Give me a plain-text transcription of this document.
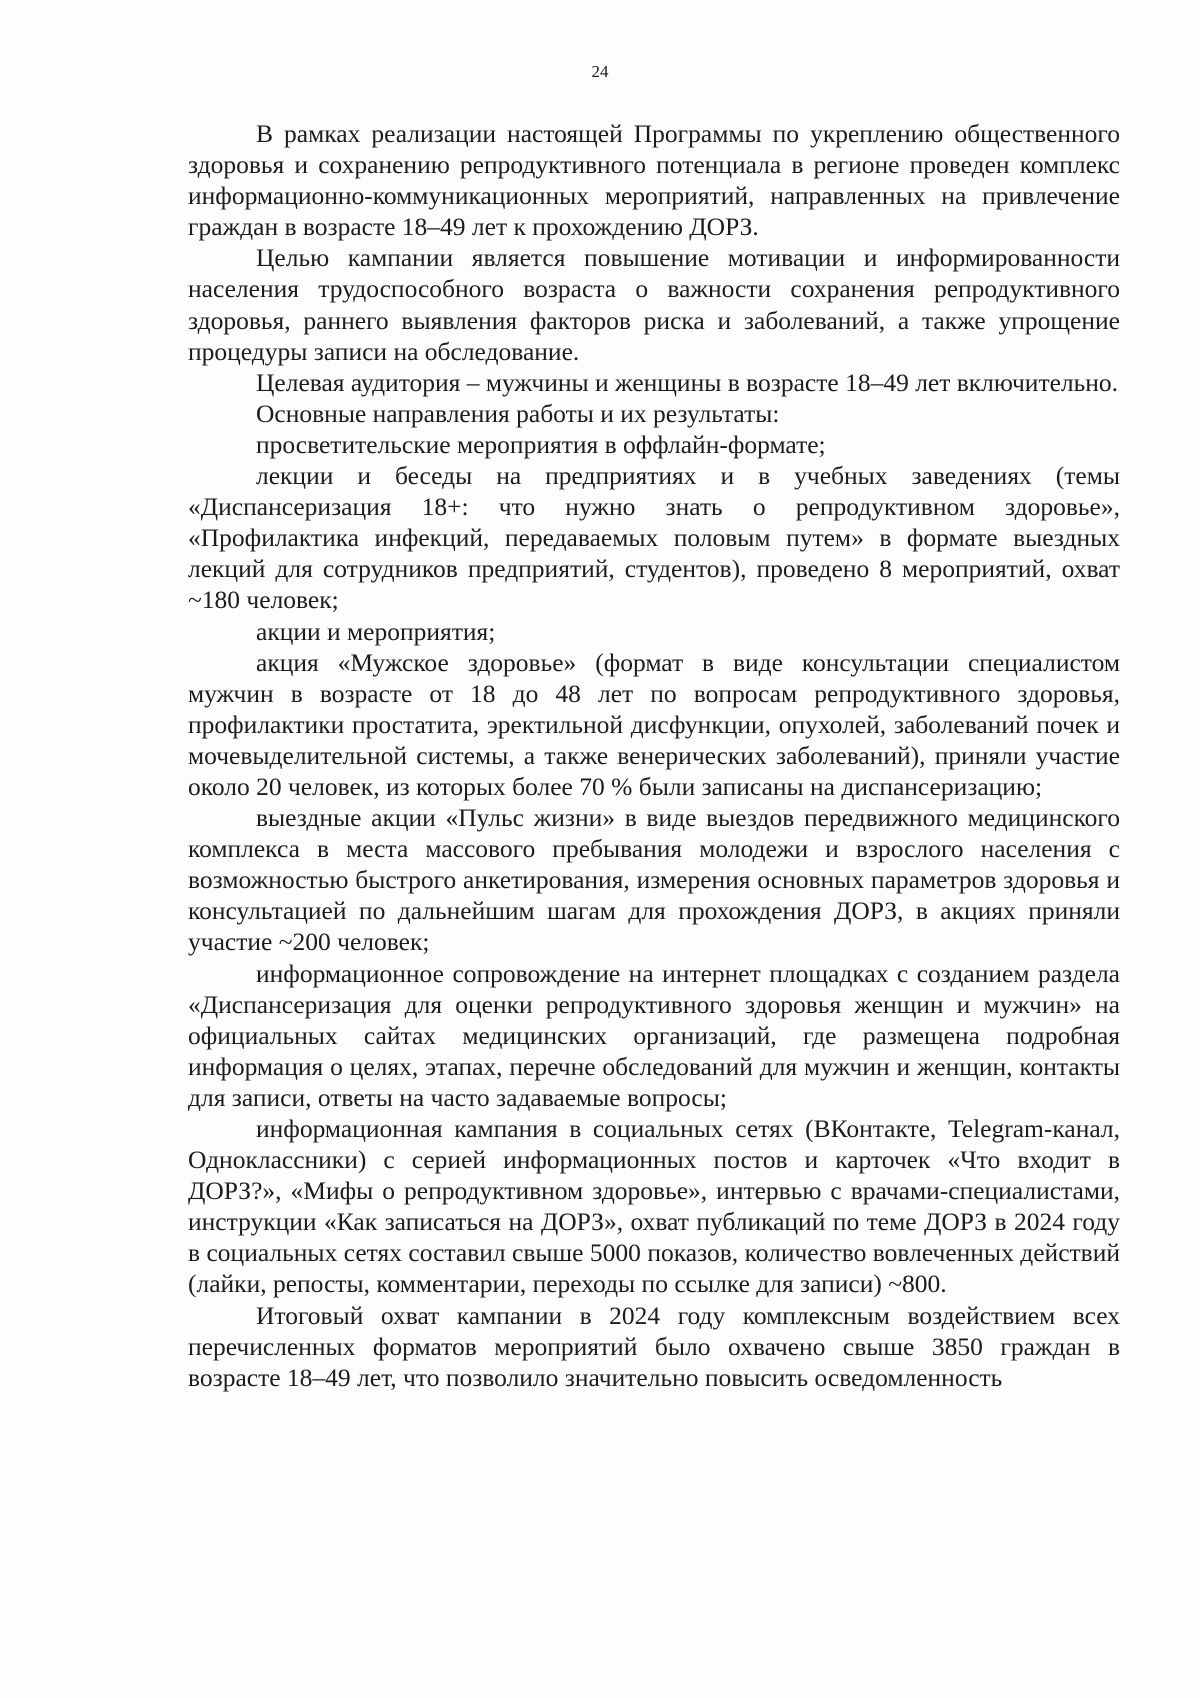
24

В рамках реализации настоящей Программы по укреплению общественного здоровья и сохранению репродуктивного потенциала в регионе проведен комплекс информационно-коммуникационных мероприятий, направленных на привлечение граждан в возрасте 18–49 лет к прохождению ДОРЗ.

Целью кампании является повышение мотивации и информированности населения трудоспособного возраста о важности сохранения репродуктивного здоровья, раннего выявления факторов риска и заболеваний, а также упрощение процедуры записи на обследование.

Целевая аудитория – мужчины и женщины в возрасте 18–49 лет включительно.

Основные направления работы и их результаты:

просветительские мероприятия в оффлайн-формате;

лекции и беседы на предприятиях и в учебных заведениях (темы «Диспансеризация 18+: что нужно знать о репродуктивном здоровье», «Профилактика инфекций, передаваемых половым путем» в формате выездных лекций для сотрудников предприятий, студентов), проведено 8 мероприятий, охват ~180 человек;

акции и мероприятия;

акция «Мужское здоровье» (формат в виде консультации специалистом мужчин в возрасте от 18 до 48 лет по вопросам репродуктивного здоровья, профилактики простатита, эректильной дисфункции, опухолей, заболеваний почек и мочевыделительной системы, а также венерических заболеваний), приняли участие около 20 человек, из которых более 70 % были записаны на диспансеризацию;

выездные акции «Пульс жизни» в виде выездов передвижного медицинского комплекса в места массового пребывания молодежи и взрослого населения с возможностью быстрого анкетирования, измерения основных параметров здоровья и консультацией по дальнейшим шагам для прохождения ДОРЗ, в акциях приняли участие ~200 человек;

информационное сопровождение на интернет площадках с созданием раздела «Диспансеризация для оценки репродуктивного здоровья женщин и мужчин» на официальных сайтах медицинских организаций, где размещена подробная информация о целях, этапах, перечне обследований для мужчин и женщин, контакты для записи, ответы на часто задаваемые вопросы;

информационная кампания в социальных сетях (ВКонтакте, Telegram-канал, Одноклассники) с серией информационных постов и карточек «Что входит в ДОРЗ?», «Мифы о репродуктивном здоровье», интервью с врачами-специалистами, инструкции «Как записаться на ДОРЗ», охват публикаций по теме ДОРЗ в 2024 году в социальных сетях составил свыше 5000 показов, количество вовлеченных действий (лайки, репосты, комментарии, переходы по ссылке для записи) ~800.

Итоговый охват кампании в 2024 году комплексным воздействием всех перечисленных форматов мероприятий было охвачено свыше 3850 граждан в возрасте 18–49 лет, что позволило значительно повысить осведомленность
